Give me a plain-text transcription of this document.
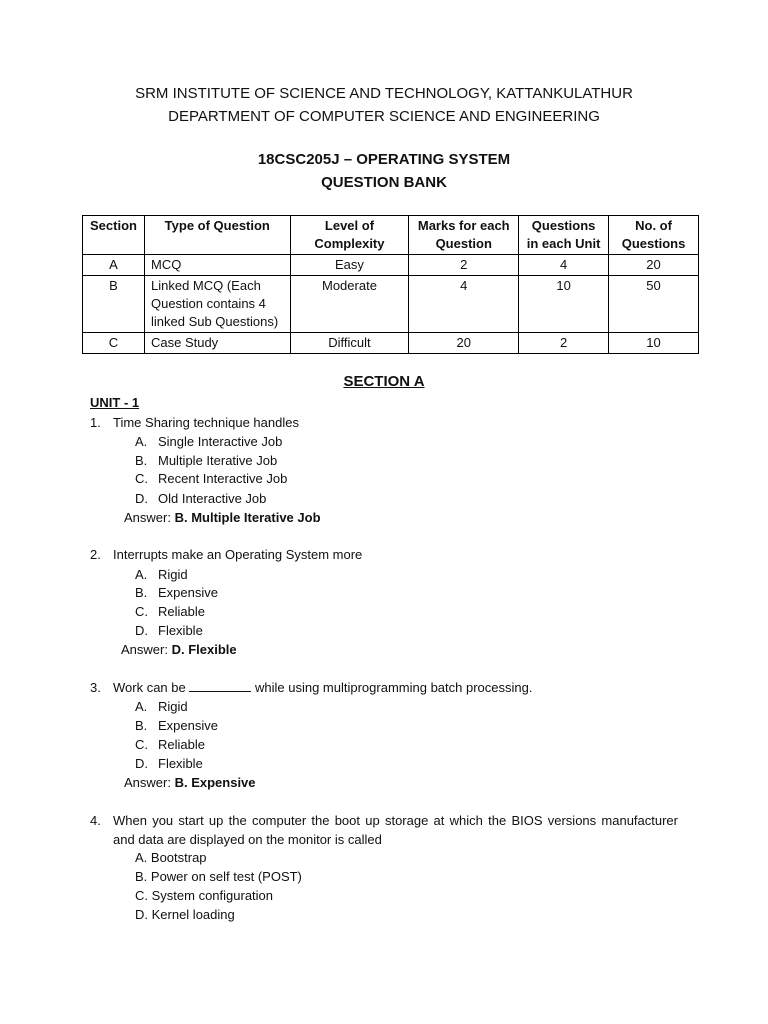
SRM INSTITUTE OF SCIENCE AND TECHNOLOGY, KATTANKULATHUR
DEPARTMENT OF COMPUTER SCIENCE AND ENGINEERING
18CSC205J – OPERATING SYSTEM
QUESTION BANK
Section	Type of Question	Level of Complexity	Marks for each Question	Questions in each Unit	No. of Questions
A	MCQ	Easy	2	4	20
B	Linked MCQ (Each Question contains 4 linked Sub Questions)	Moderate	4	10	50
C	Case Study	Difficult	20	2	10
SECTION A
UNIT - 1
1. Time Sharing technique handles
A. Single Interactive Job
B. Multiple Iterative Job
C. Recent Interactive Job
D. Old Interactive Job
Answer: B. Multiple Iterative Job
2. Interrupts make an Operating System more
A. Rigid
B. Expensive
C. Reliable
D. Flexible
Answer: D. Flexible
3. Work can be	while using multiprogramming batch processing.
A. Rigid
B. Expensive
C. Reliable
D. Flexible
Answer: B. Expensive
4. When you start up the computer the boot up storage at which the BIOS versions manufacturer and data are displayed on the monitor is called
A. Bootstrap
B. Power on self test (POST)
C. System configuration
D. Kernel loading
